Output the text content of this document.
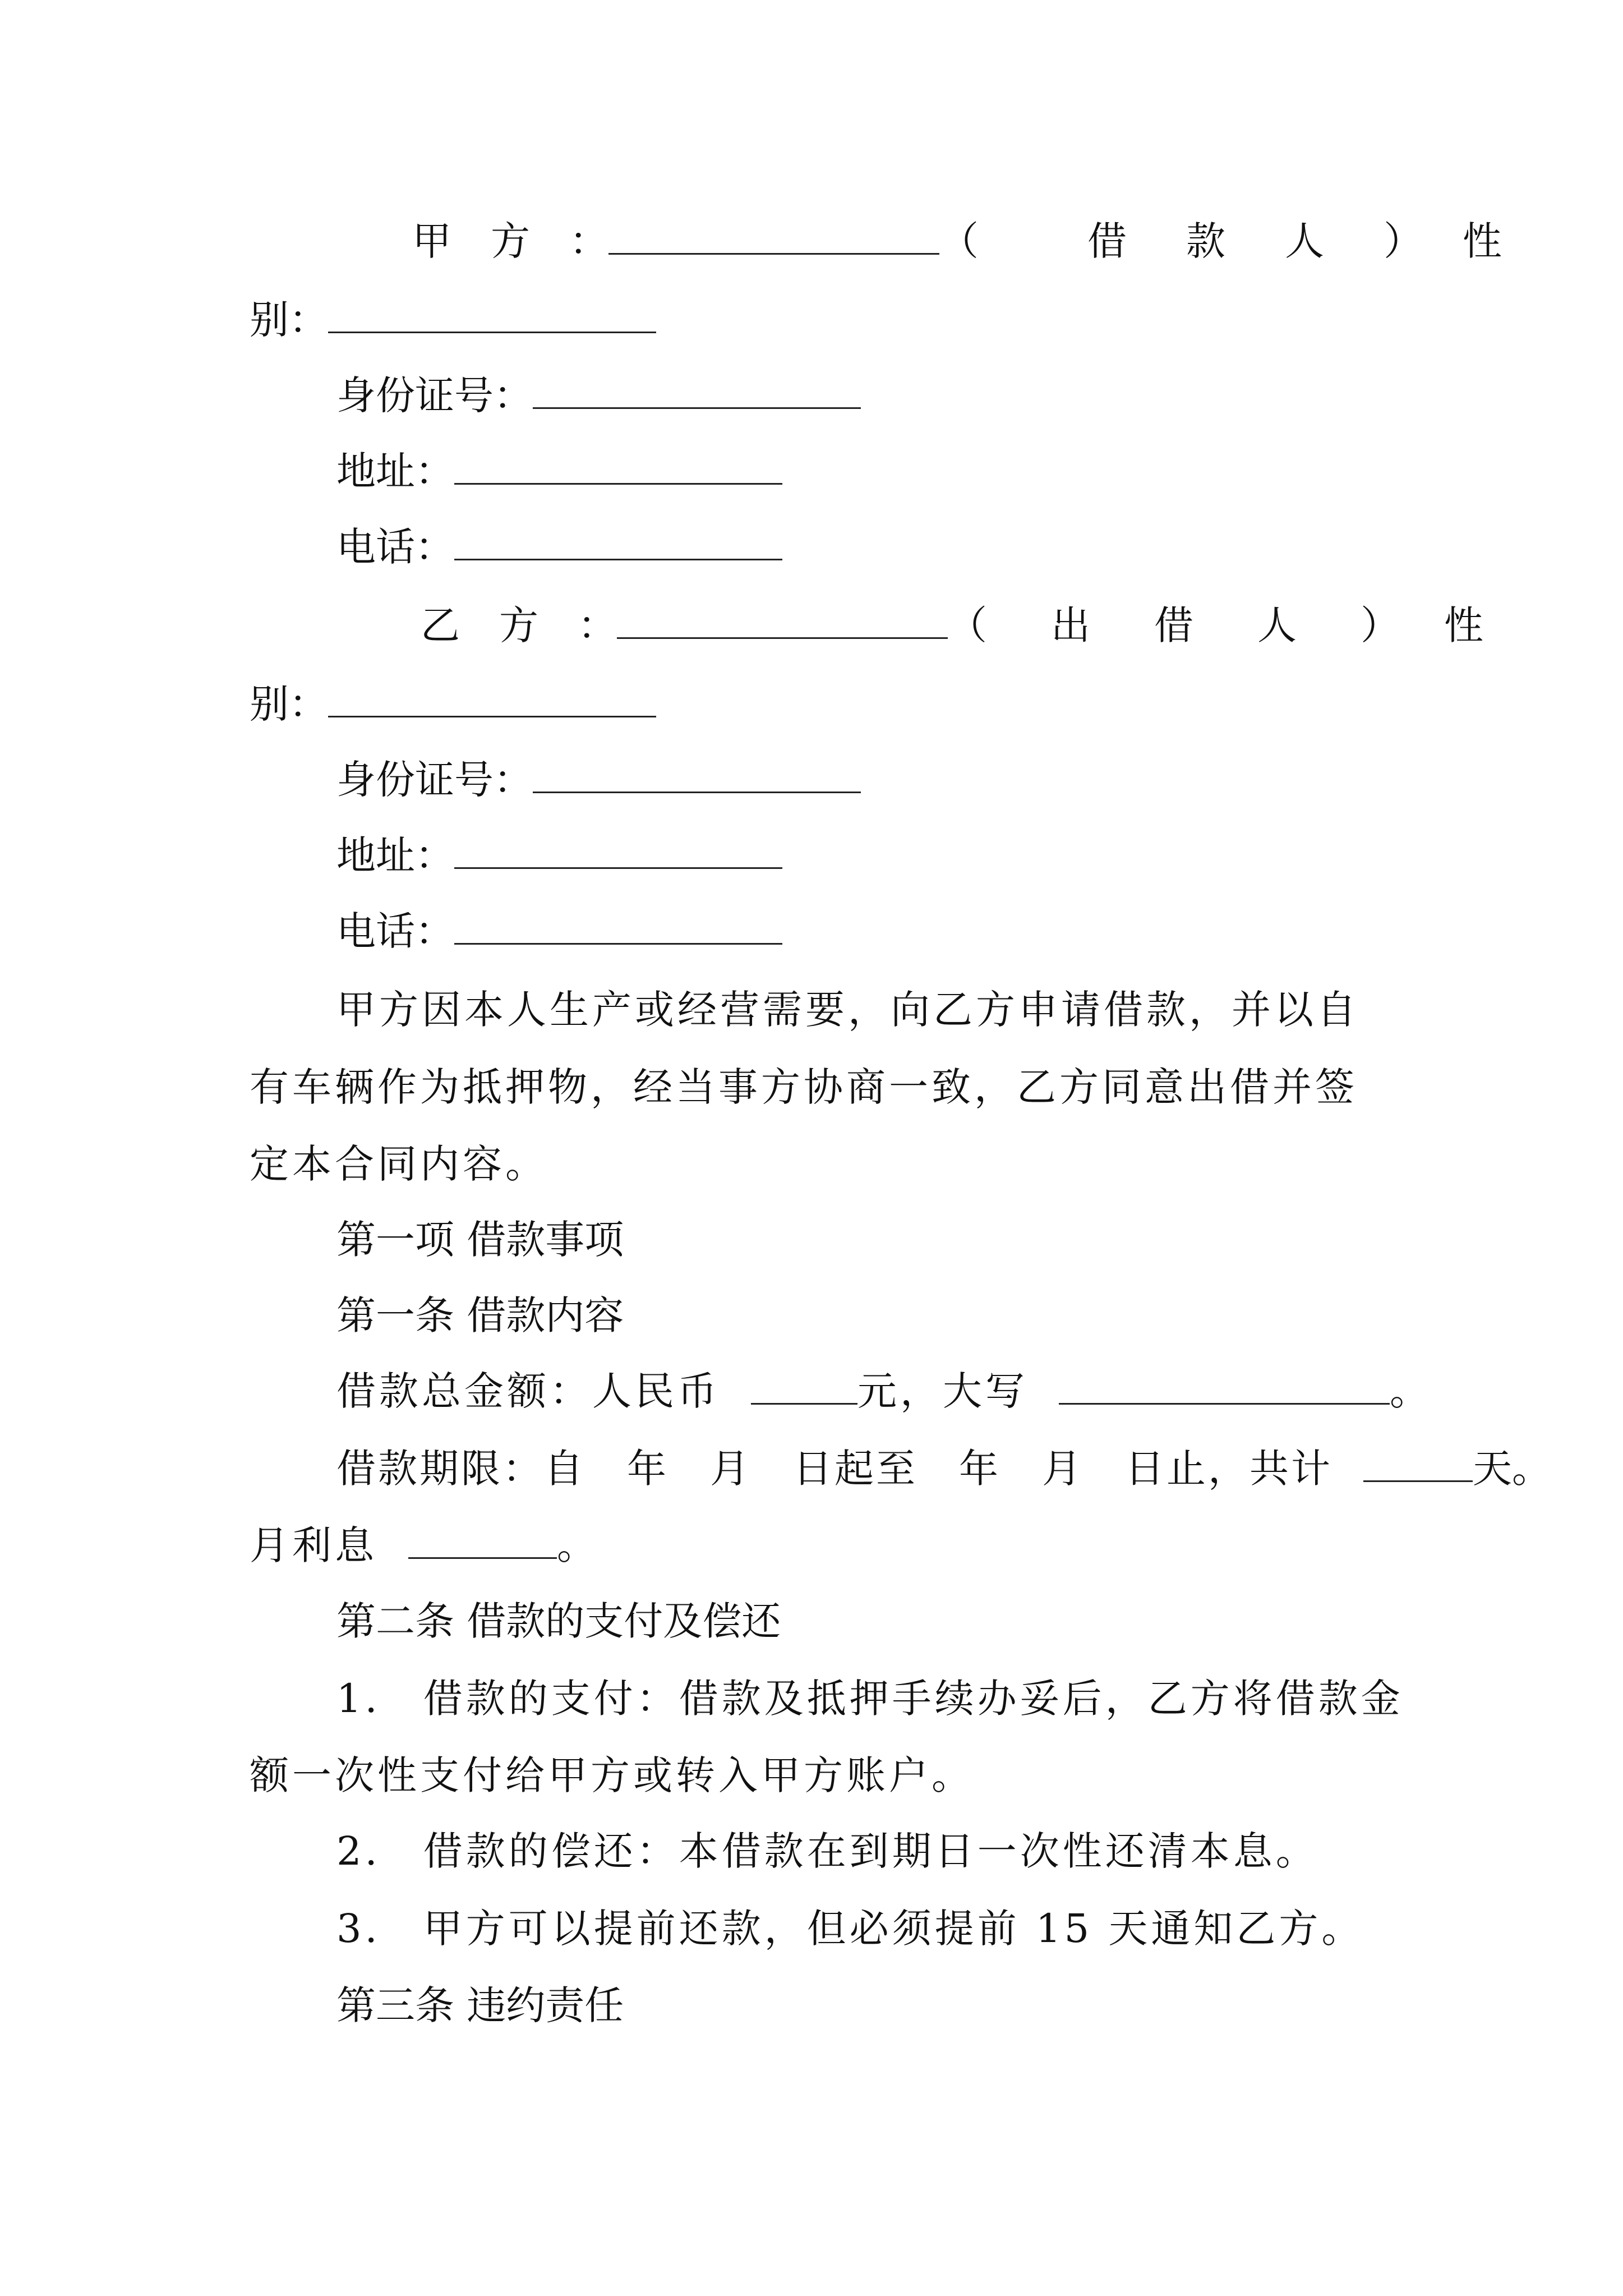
甲　方　：	（　　借　款　人　）　性
别：
身份证号：
地址：
电话：
乙　方　：	（　出　借　人　）　性
别：
身份证号：
地址：
电话：
甲方因本人生产或经营需要，向乙方申请借款，并以自
有车辆作为抵押物，经当事方协商一致，乙方同意出借并签
定本合同内容。
第一项 借款事项
第一条 借款内容
借款总金额：人民币	元，大写	。
借款期限：自　年　月　日起至　年　月　日止，共计	天。
月利息	。
第二条 借款的支付及偿还
1.　借款的支付：借款及抵押手续办妥后，乙方将借款金
额一次性支付给甲方或转入甲方账户。
2.　借款的偿还：本借款在到期日一次性还清本息。
3.　甲方可以提前还款，但必须提前 15 天通知乙方。
第三条 违约责任
